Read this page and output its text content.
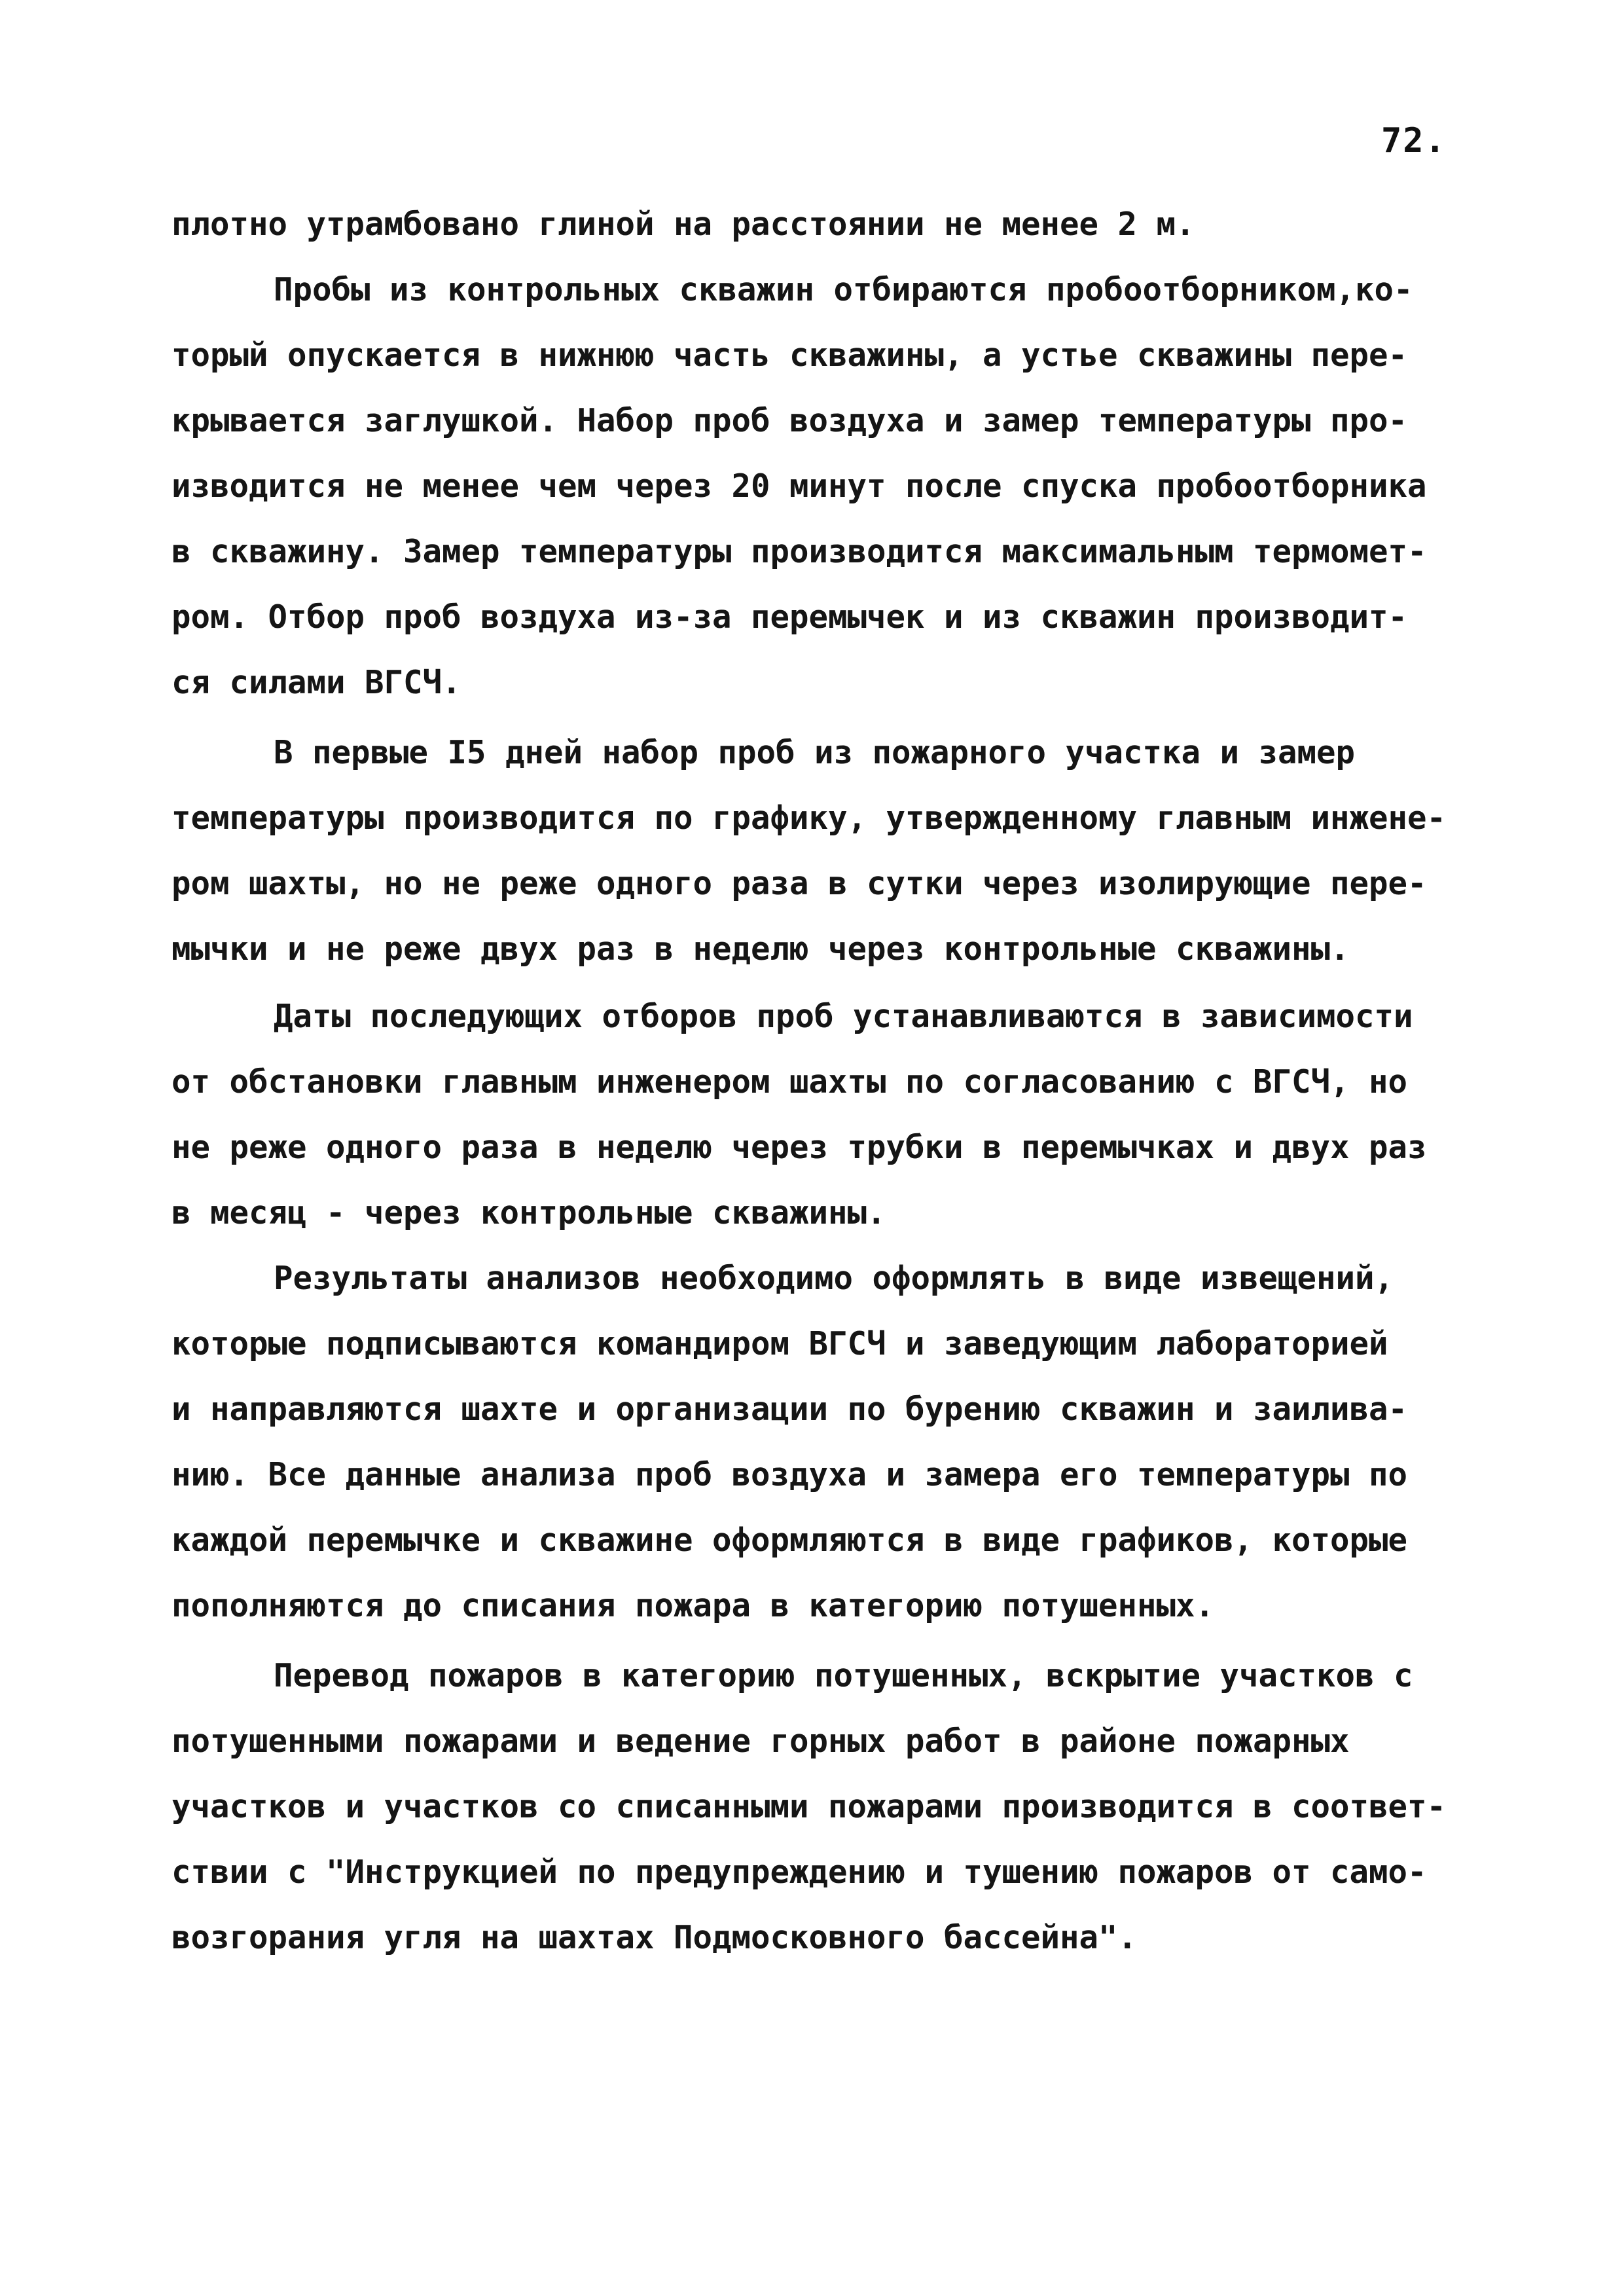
72.
плотно утрамбовано глиной на расстоянии не менее 2 м.
Пробы из контрольных скважин отбираются пробоотборником,ко-
торый опускается в нижнюю часть скважины, а устье скважины пере-
крывается заглушкой. Набор проб воздуха и замер температуры про-
изводится не менее чем через 20 минут после спуска пробоотборника
в скважину. Замер температуры производится максимальным термомет-
ром. Отбор проб воздуха из-за перемычек и из скважин производит-
ся силами ВГСЧ.
В первые I5 дней набор проб из пожарного участка и замер
температуры производится по графику, утвержденному главным инжене-
ром шахты, но не реже одного раза в сутки через изолирующие пере-
мычки и не реже двух раз в неделю через контрольные скважины.
Даты последующих отборов проб устанавливаются в зависимости
от обстановки главным инженером шахты по согласованию с ВГСЧ, но
не реже одного раза в неделю через трубки в перемычках и двух раз
в месяц - через контрольные скважины.
Результаты анализов необходимо оформлять в виде извещений,
которые подписываются командиром ВГСЧ и заведующим лабораторией
и направляются шахте и организации по бурению скважин и заилива-
нию. Все данные анализа проб воздуха и замера его температуры по
каждой перемычке и скважине оформляются в виде графиков, которые
пополняются до списания пожара в категорию потушенных.
Перевод пожаров в категорию потушенных, вскрытие участков с
потушенными пожарами и ведение горных работ в районе пожарных
участков и участков со списанными пожарами производится в соответ-
ствии с "Инструкцией по предупреждению и тушению пожаров от само-
возгорания угля на шахтах Подмосковного бассейна".
